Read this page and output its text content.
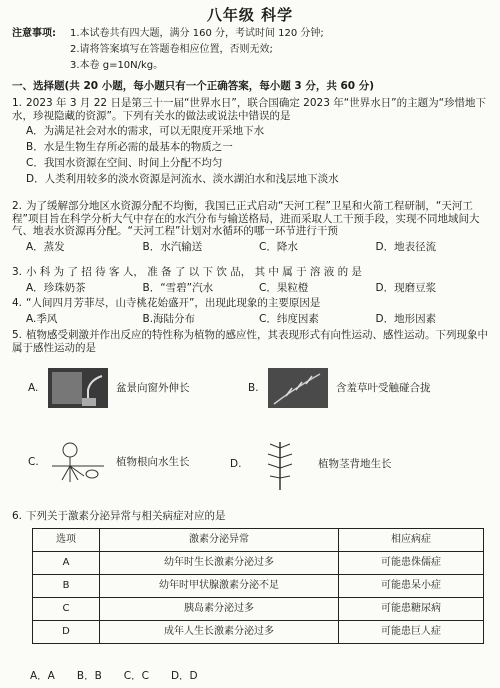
八年级 科学
注意事项:	1.本试卷共有四大题，满分 160 分，考试时间 120 分钟;
2.请将答案填写在答题卷相应位置，否则无效;
3.本卷 g=10N/kg。
一、选择题(共 20 小题，每小题只有一个正确答案，每小题 3 分，共 60 分)

1. 2023 年 3 月 22 日是第三十一届“世界水日”，联合国确定 2023 年“世界水日”的主题为“珍惜地下水，珍视隐藏的资源”。下列有关水的做法或说法中错误的是

A．为满足社会对水的需求，可以无限度开采地下水
B．水是生物生存所必需的最基本的物质之一
C．我国水资源在空间、时间上分配不均匀
D．人类利用较多的淡水资源是河流水、淡水湖泊水和浅层地下淡水

2. 为了缓解部分地区水资源分配不均衡，我国已正式启动“天河工程”卫星和火箭工程研制，“天河工程”项目旨在科学分析大气中存在的水汽分布与输送格局，进而采取人工干预手段，实现不同地域间大气、地表水资源再分配。“天河工程”计划对水循环的哪一环节进行干预

A．蒸发	B．水汽输送	C．降水	D．地表径流

3. 小 科 为 了 招 待 客 人， 准 备 了 以 下 饮 品， 其 中 属 于 溶 液 的 是

A．珍珠奶茶	B．“雪碧”汽水	C．果粒橙	D．现磨豆浆

4. “人间四月芳菲尽，山寺桃花始盛开”，出现此现象的主要原因是

A.季风	B.海陆分布	C．纬度因素	D．地形因素

5. 植物感受刺激并作出反应的特性称为植物的感应性，其表现形式有向性运动、感性运动。下列现象中属于感性运动的是

A.	盆景向窗外伸长	B.	含羞草叶受触碰合拢
C.	植物根向水生长	D.	植物茎背地生长

6. 下列关于激素分泌异常与相关病症对应的是

选项	激素分泌异常	相应病症
A	幼年时生长激素分泌过多	可能患侏儒症
B	幼年时甲状腺激素分泌不足	可能患呆小症
C	胰岛素分泌过多	可能患糖尿病
D	成年人生长激素分泌过多	可能患巨人症
A．A B．B C．C D．D
